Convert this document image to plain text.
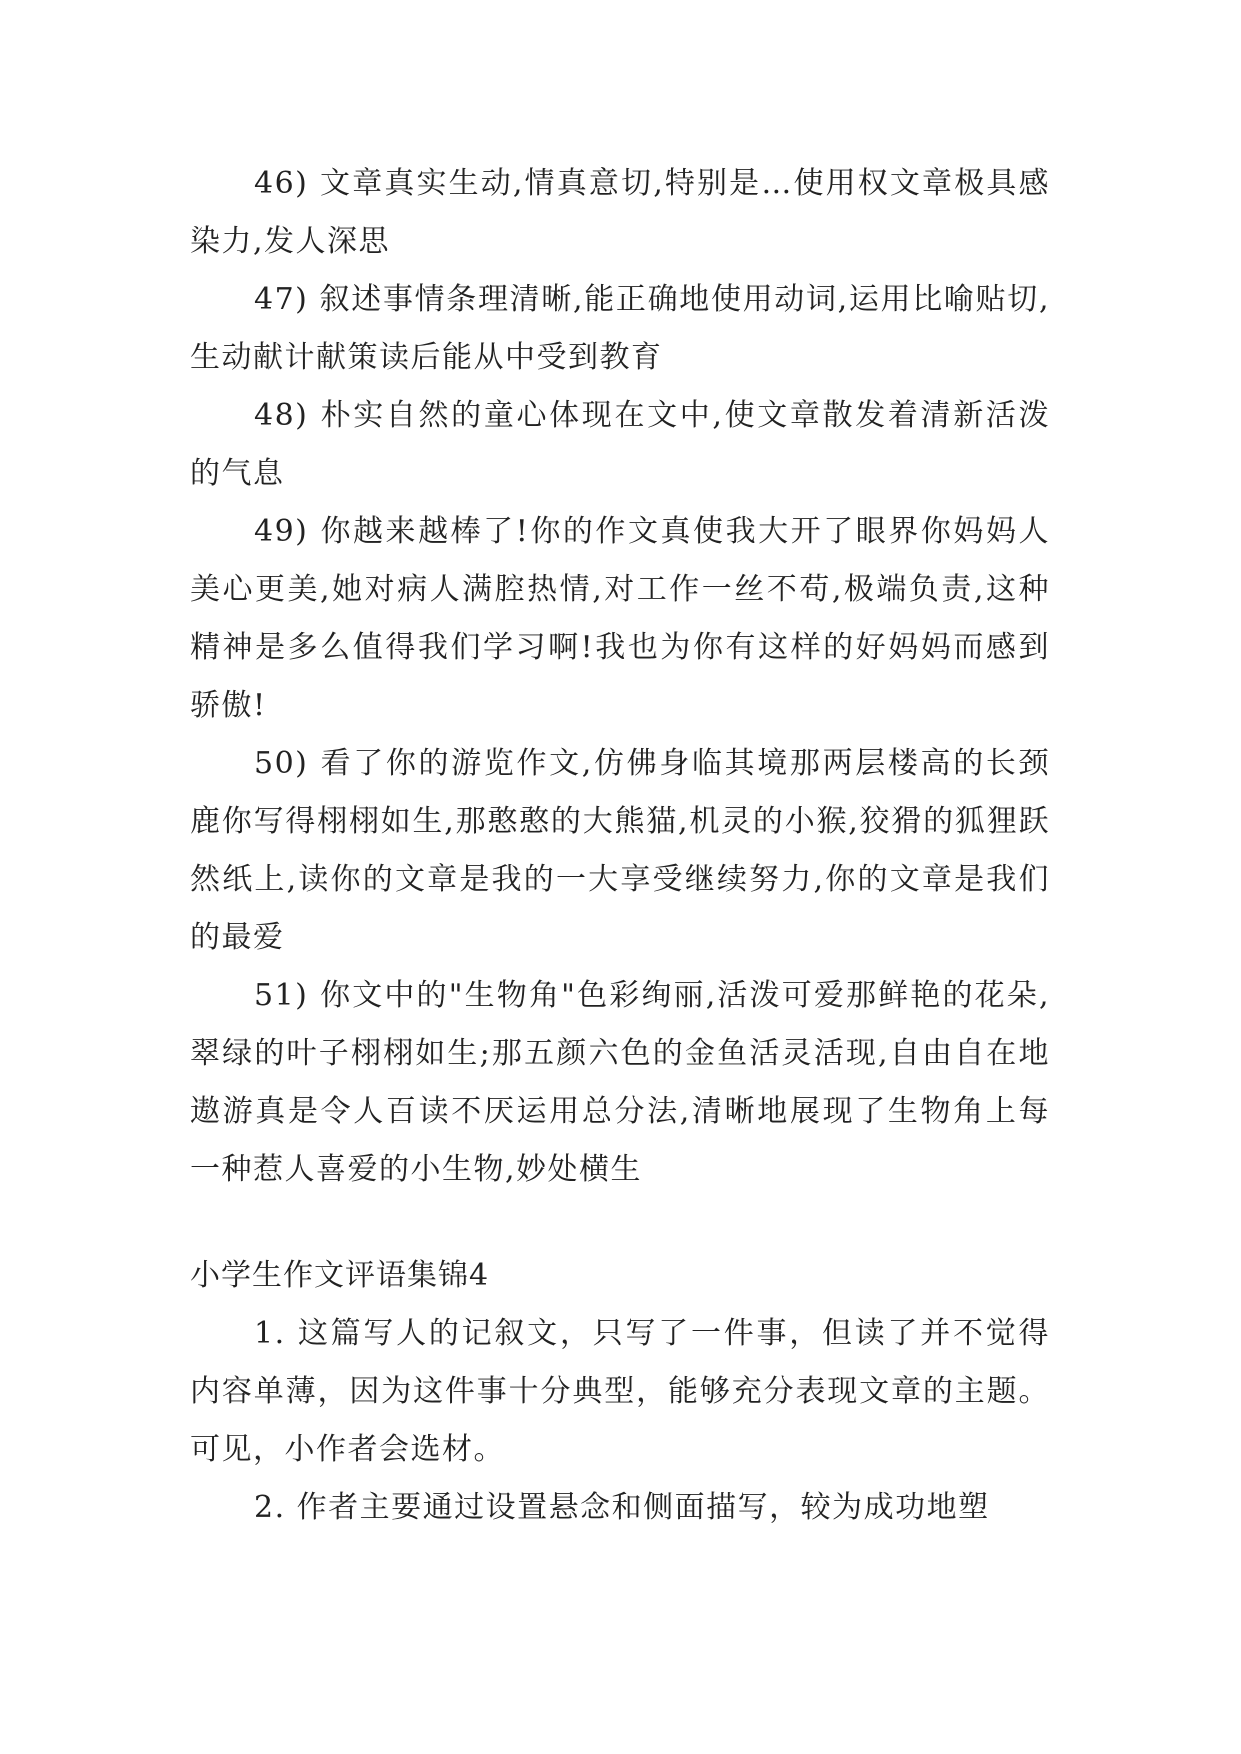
46) 文章真实生动,情真意切,特别是…使用权文章极具感染力,发人深思

47) 叙述事情条理清晰,能正确地使用动词,运用比喻贴切,生动献计献策读后能从中受到教育

48) 朴实自然的童心体现在文中,使文章散发着清新活泼的气息

49) 你越来越棒了!你的作文真使我大开了眼界你妈妈人美心更美,她对病人满腔热情,对工作一丝不苟,极端负责,这种精神是多么值得我们学习啊!我也为你有这样的好妈妈而感到骄傲!

50) 看了你的游览作文,仿佛身临其境那两层楼高的长颈鹿你写得栩栩如生,那憨憨的大熊猫,机灵的小猴,狡猾的狐狸跃然纸上,读你的文章是我的一大享受继续努力,你的文章是我们的最爱

51) 你文中的"生物角"色彩绚丽,活泼可爱那鲜艳的花朵,翠绿的叶子栩栩如生;那五颜六色的金鱼活灵活现,自由自在地遨游真是令人百读不厌运用总分法,清晰地展现了生物角上每一种惹人喜爱的小生物,妙处横生

小学生作文评语集锦4

1. 这篇写人的记叙文，只写了一件事，但读了并不觉得内容单薄，因为这件事十分典型，能够充分表现文章的主题。可见，小作者会选材。

2. 作者主要通过设置悬念和侧面描写，较为成功地塑
